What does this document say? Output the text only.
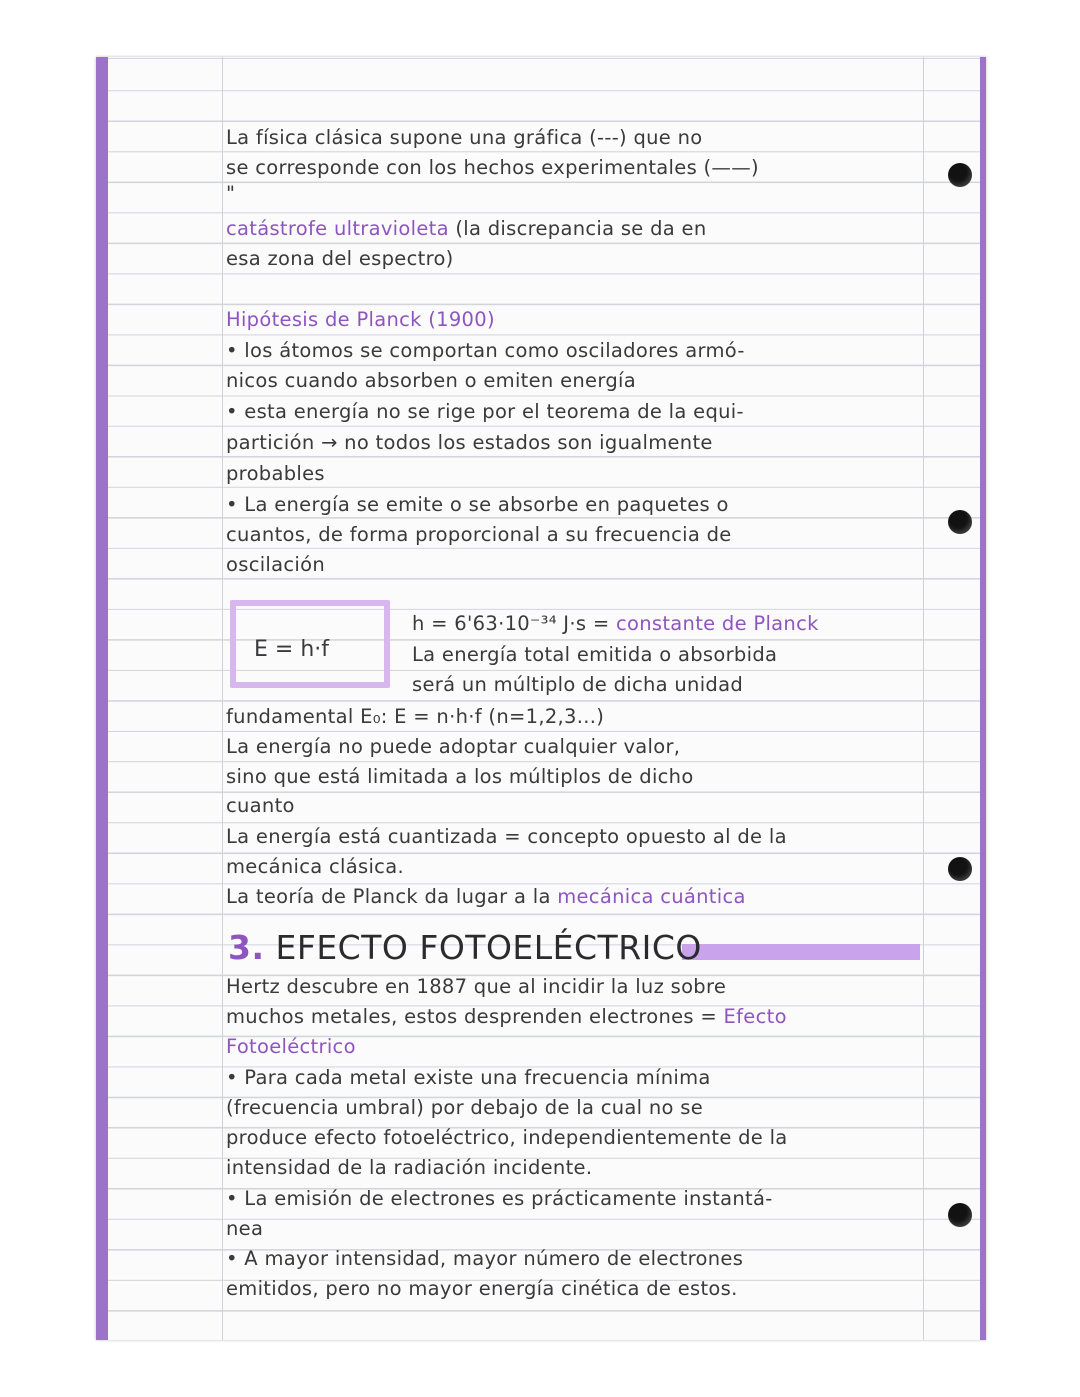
La física clásica supone una gráfica (---) que no
se corresponde con los hechos experimentales (——)
"
catástrofe ultravioleta (la discrepancia se da en
esa zona del espectro)
Hipótesis de Planck (1900)
• los átomos se comportan como osciladores armó-
nicos cuando absorben o emiten energía
• esta energía no se rige por el teorema de la equi-
partición → no todos los estados son igualmente
probables
• La energía se emite o se absorbe en paquetes o
cuantos, de forma proporcional a su frecuencia de
oscilación
E = h·f
h = 6'63·10⁻³⁴ J·s = constante de Planck
La energía total emitida o absorbida
será un múltiplo de dicha unidad
fundamental E₀: E = n·h·f (n=1,2,3...)
La energía no puede adoptar cualquier valor,
sino que está limitada a los múltiplos de dicho
cuanto
La energía está cuantizada = concepto opuesto al de la
mecánica clásica.
La teoría de Planck da lugar a la mecánica cuántica
3. EFECTO FOTOELÉCTRICO
Hertz descubre en 1887 que al incidir la luz sobre
muchos metales, estos desprenden electrones = Efecto
Fotoeléctrico
• Para cada metal existe una frecuencia mínima
(frecuencia umbral) por debajo de la cual no se
produce efecto fotoeléctrico, independientemente de la
intensidad de la radiación incidente.
• La emisión de electrones es prácticamente instantá-
nea
• A mayor intensidad, mayor número de electrones
emitidos, pero no mayor energía cinética de estos.
